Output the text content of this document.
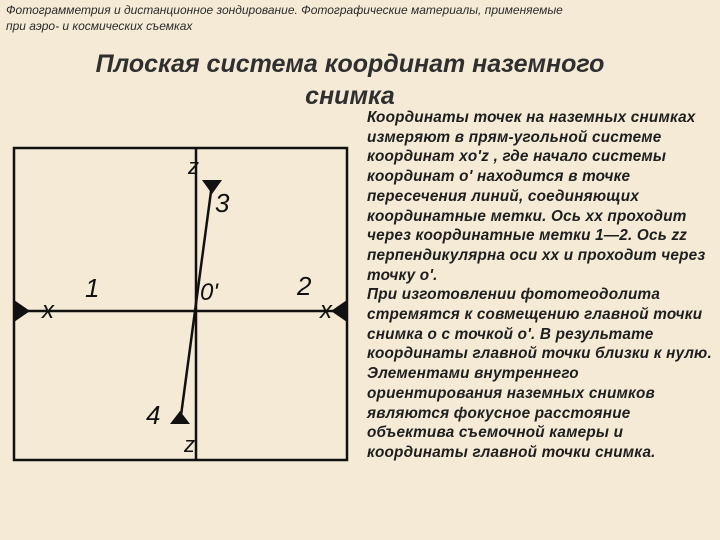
Фотограмметрия и дистанционное зондирование. Фотографические материалы, применяемые
при аэро- и космических съемках
Плоская система координат наземного
снимка
z
z
x	x
1	2
3
4
0'

Координаты точек на наземных снимках измеряют в прям-угольной системе координат xo'z , где начало системы координат o' находится в точке пересечения линий, соединяющих координатные метки. Ось xx проходит через координатные метки 1—2. Ось zz перпендикулярна оси xx и проходит через точку o'.

При изготовлении фототеодолита стремятся к совмещению главной точки снимка o с точкой o'. В результате координаты главной точки близки к нулю. Элементами внутреннего ориентирования наземных снимков являются фокусное расстояние объектива съемочной камеры и координаты главной точки снимка.
